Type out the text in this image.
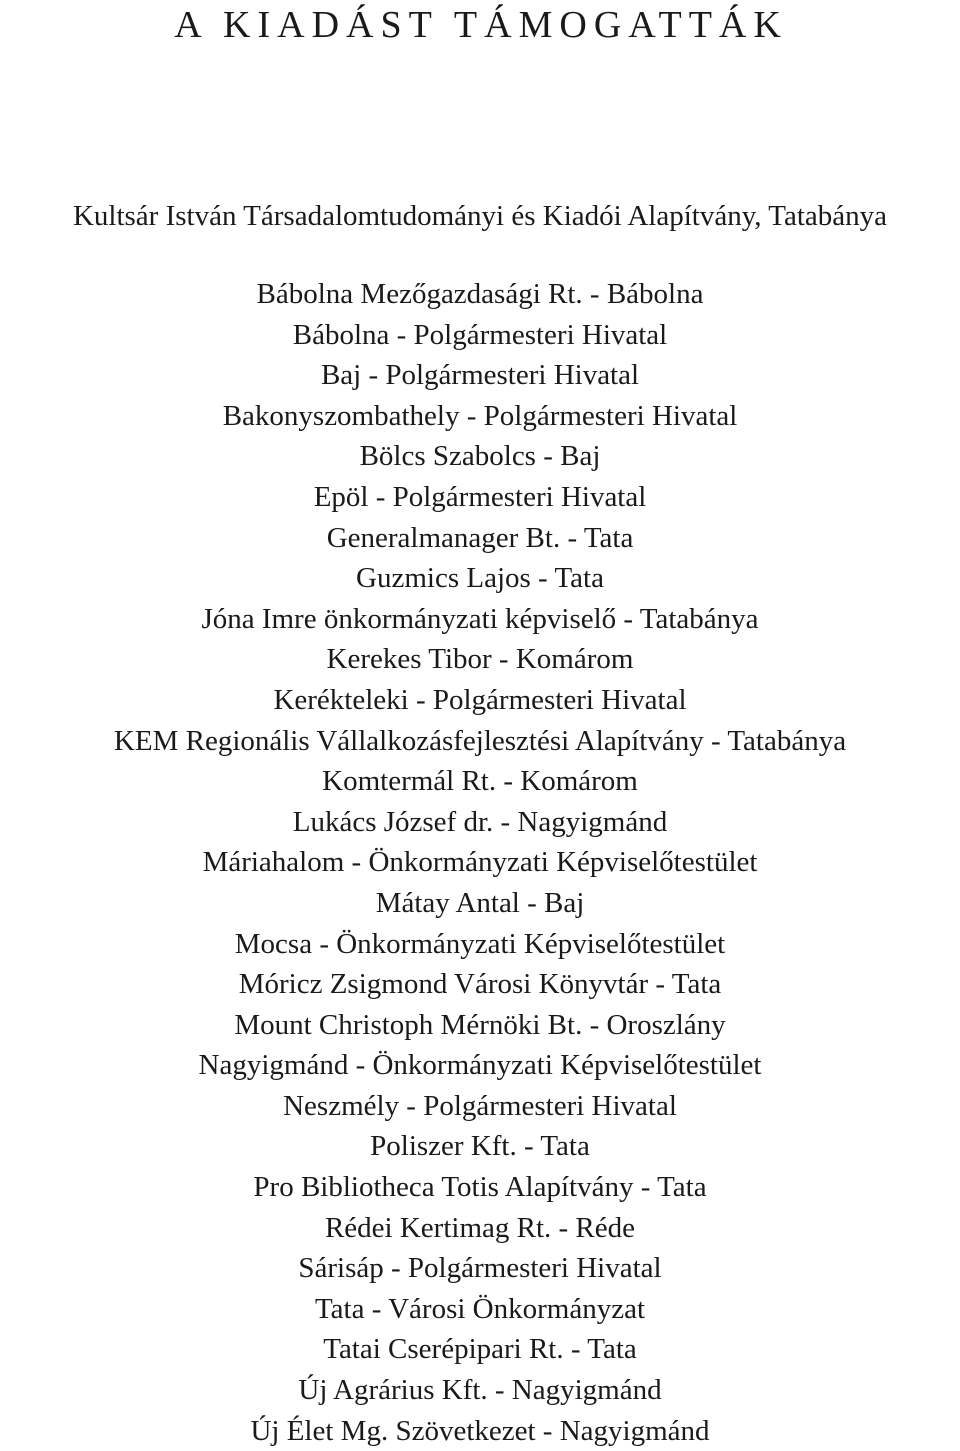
A KIADÁST TÁMOGATTÁK

Kultsár István Társadalomtudományi és Kiadói Alapítvány, Tatabánya

Bábolna Mezőgazdasági Rt. - Bábolna
Bábolna - Polgármesteri Hivatal
Baj - Polgármesteri Hivatal
Bakonyszombathely - Polgármesteri Hivatal
Bölcs Szabolcs - Baj
Epöl - Polgármesteri Hivatal
Generalmanager Bt. - Tata
Guzmics Lajos - Tata
Jóna Imre önkormányzati képviselő - Tatabánya
Kerekes Tibor - Komárom
Kerékteleki - Polgármesteri Hivatal
KEM Regionális Vállalkozásfejlesztési Alapítvány - Tatabánya
Komtermál Rt. - Komárom
Lukács József dr. - Nagyigmánd
Máriahalom - Önkormányzati Képviselőtestület
Mátay Antal - Baj
Mocsa - Önkormányzati Képviselőtestület
Móricz Zsigmond Városi Könyvtár - Tata
Mount Christoph Mérnöki Bt. - Oroszlány
Nagyigmánd - Önkormányzati Képviselőtestület
Neszmély - Polgármesteri Hivatal
Poliszer Kft. - Tata
Pro Bibliotheca Totis Alapítvány - Tata
Rédei Kertimag Rt. - Réde
Sárisáp - Polgármesteri Hivatal
Tata - Városi Önkormányzat
Tatai Cserépipari Rt. - Tata
Új Agrárius Kft. - Nagyigmánd
Új Élet Mg. Szövetkezet - Nagyigmánd
